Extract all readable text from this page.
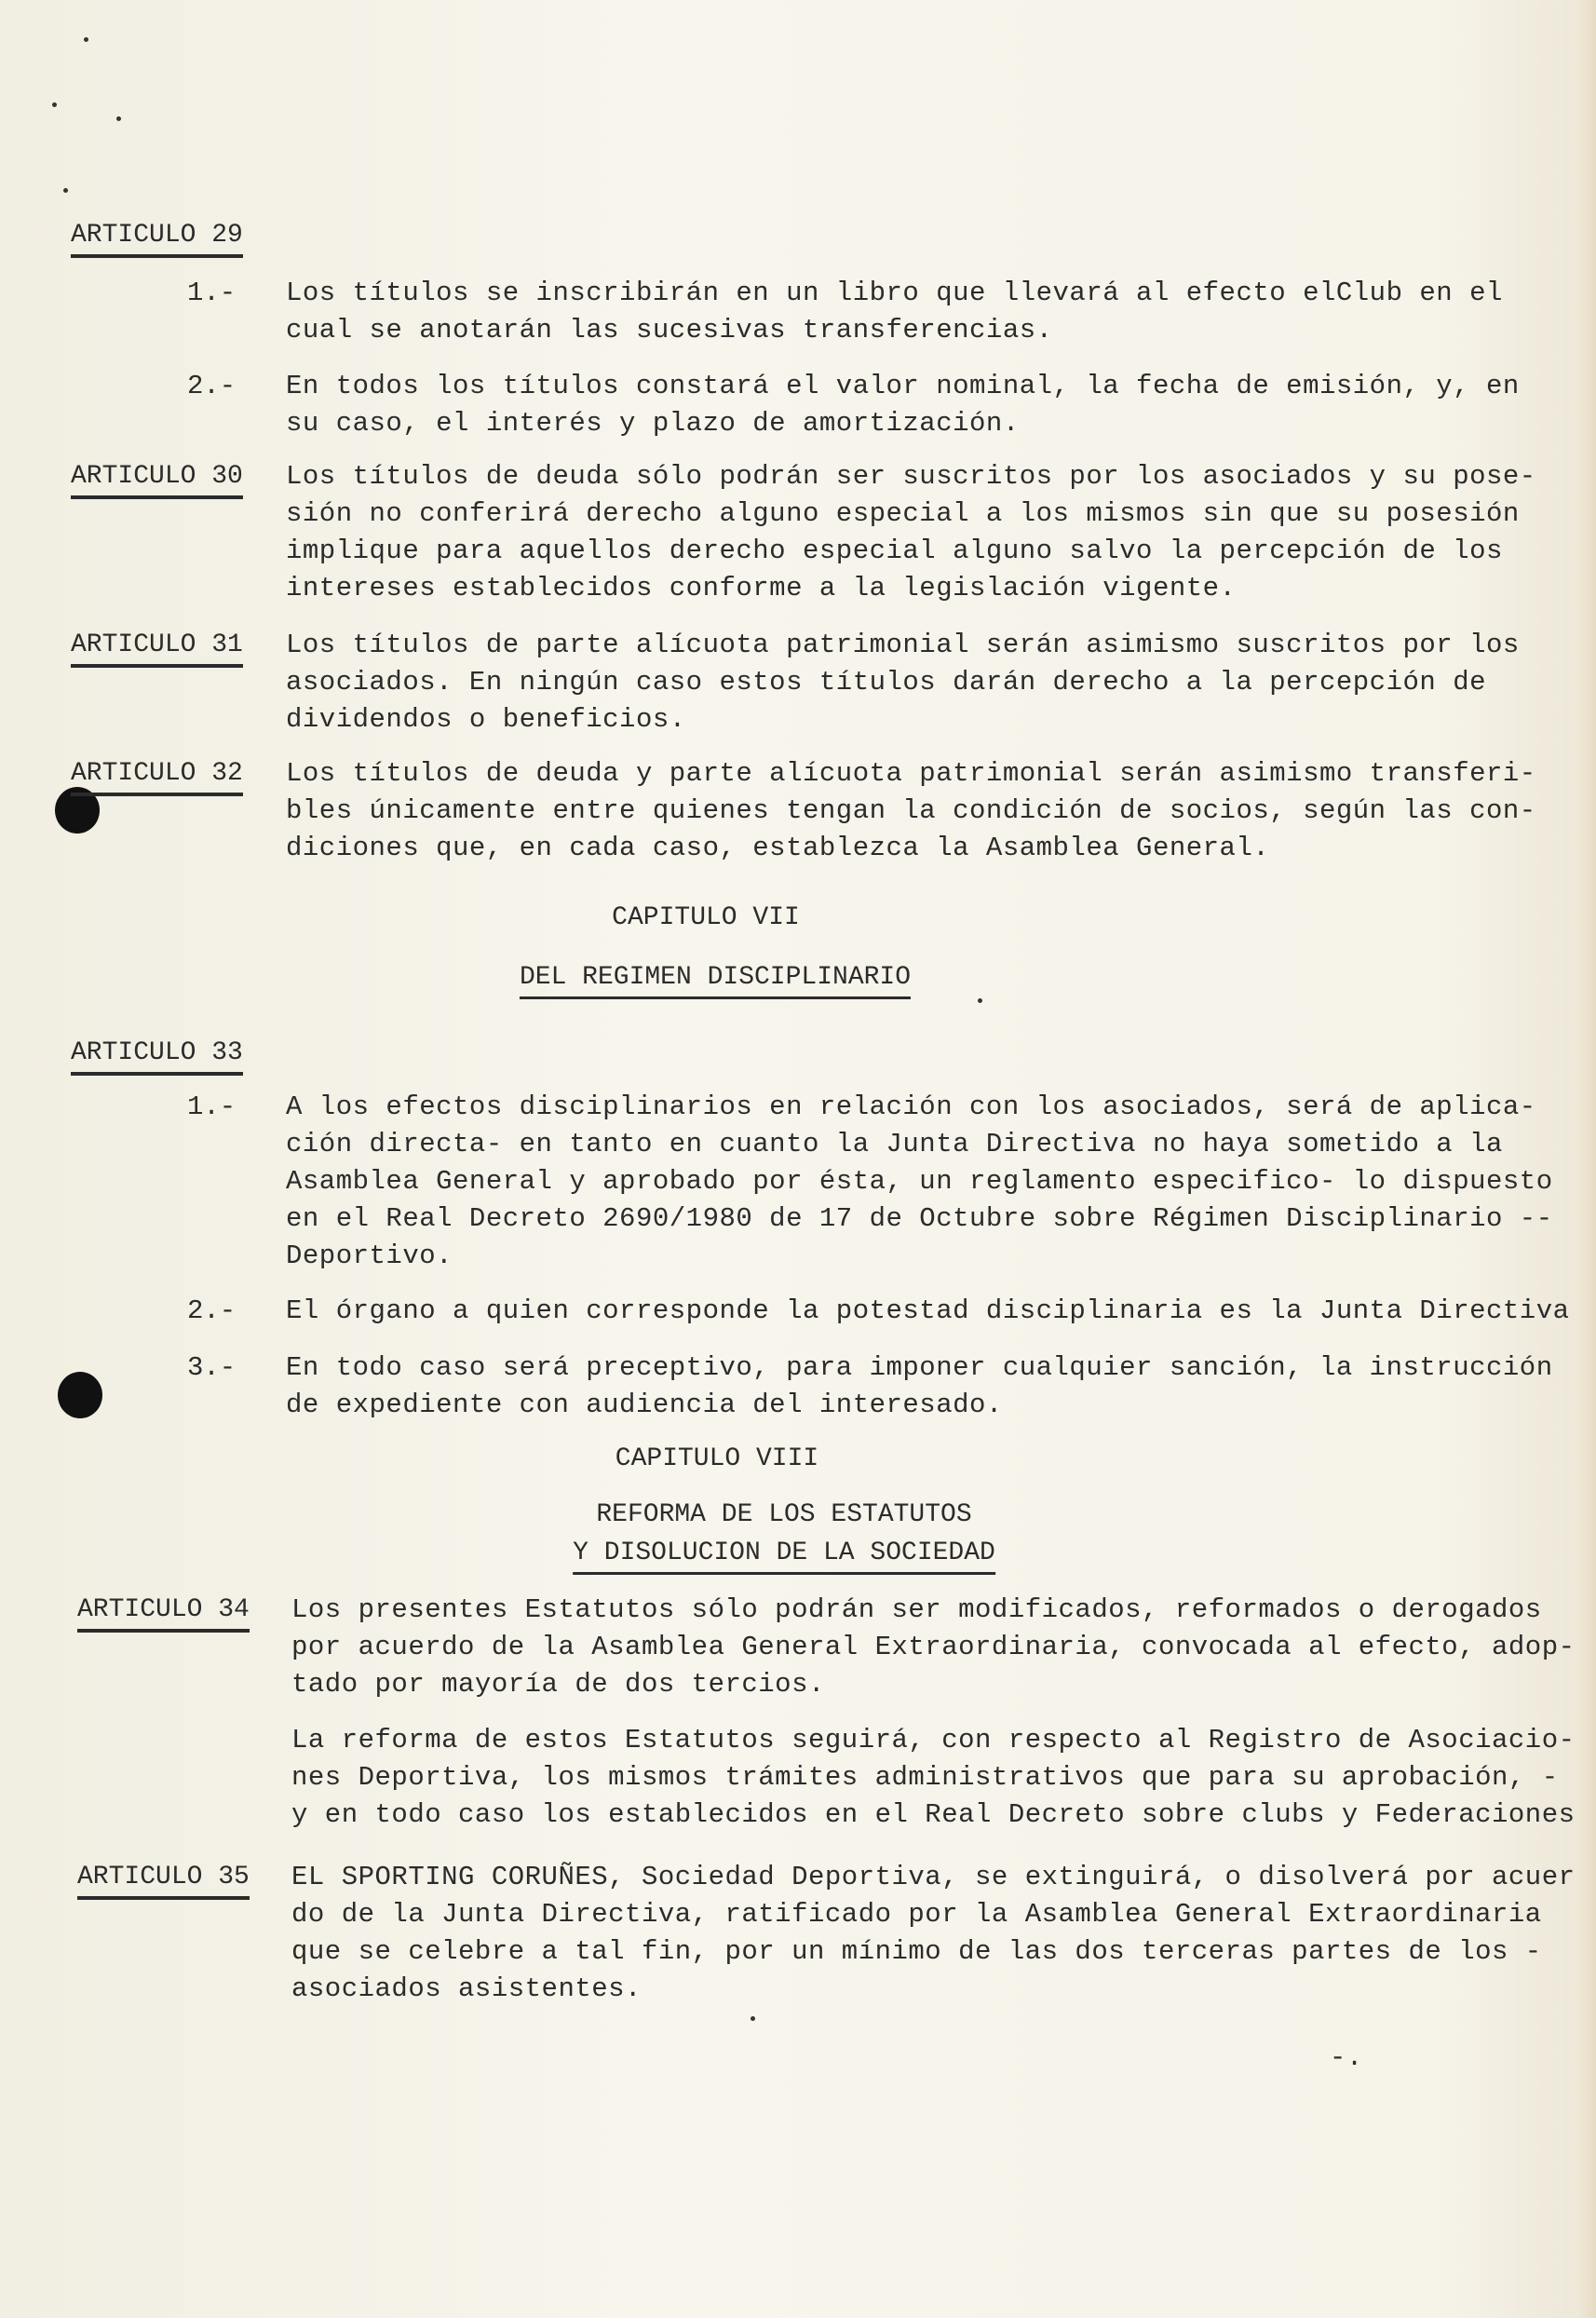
ARTICULO 29
1.- Los títulos se inscribirán en un libro que llevará al efecto elClub en el
cual se anotarán las sucesivas transferencias.
2.- En todos los títulos constará el valor nominal, la fecha de emisión, y, en
su caso, el interés y plazo de amortización.
ARTICULO 30 Los títulos de deuda sólo podrán ser suscritos por los asociados y su pose-
sión no conferirá derecho alguno especial a los mismos sin que su posesión
implique para aquellos derecho especial alguno salvo la percepción de los
intereses establecidos conforme a la legislación vigente.
ARTICULO 31 Los títulos de parte alícuota patrimonial serán asimismo suscritos por los
asociados. En ningún caso estos títulos darán derecho a la percepción de
dividendos o beneficios.
ARTICULO 32 Los títulos de deuda y parte alícuota patrimonial serán asimismo transferi-
bles únicamente entre quienes tengan la condición de socios, según las con-
diciones que, en cada caso, establezca la Asamblea General.
CAPITULO VII
DEL REGIMEN DISCIPLINARIO
ARTICULO 33
1.- A los efectos disciplinarios en relación con los asociados, será de aplica-
ción directa- en tanto en cuanto la Junta Directiva no haya sometido a la
Asamblea General y aprobado por ésta, un reglamento especifico- lo dispuesto
en el Real Decreto 2690/1980 de 17 de Octubre sobre Régimen Disciplinario --
Deportivo.
2.- El órgano a quien corresponde la potestad disciplinaria es la Junta Directiva
3.- En todo caso será preceptivo, para imponer cualquier sanción, la instrucción
de expediente con audiencia del interesado.
CAPITULO VIII
REFORMA DE LOS ESTATUTOS
Y DISOLUCION DE LA SOCIEDAD
ARTICULO 34 Los presentes Estatutos sólo podrán ser modificados, reformados o derogados
por acuerdo de la Asamblea General Extraordinaria, convocada al efecto, adop-
tado por mayoría de dos tercios.
La reforma de estos Estatutos seguirá, con respecto al Registro de Asociacio-
nes Deportiva, los mismos trámites administrativos que para su aprobación, -
y en todo caso los establecidos en el Real Decreto sobre clubs y Federaciones
ARTICULO 35 EL SPORTING CORUÑES, Sociedad Deportiva, se extinguirá, o disolverá por acuer
do de la Junta Directiva, ratificado por la Asamblea General Extraordinaria
que se celebre a tal fin, por un mínimo de las dos terceras partes de los -
asociados asistentes.
-.
